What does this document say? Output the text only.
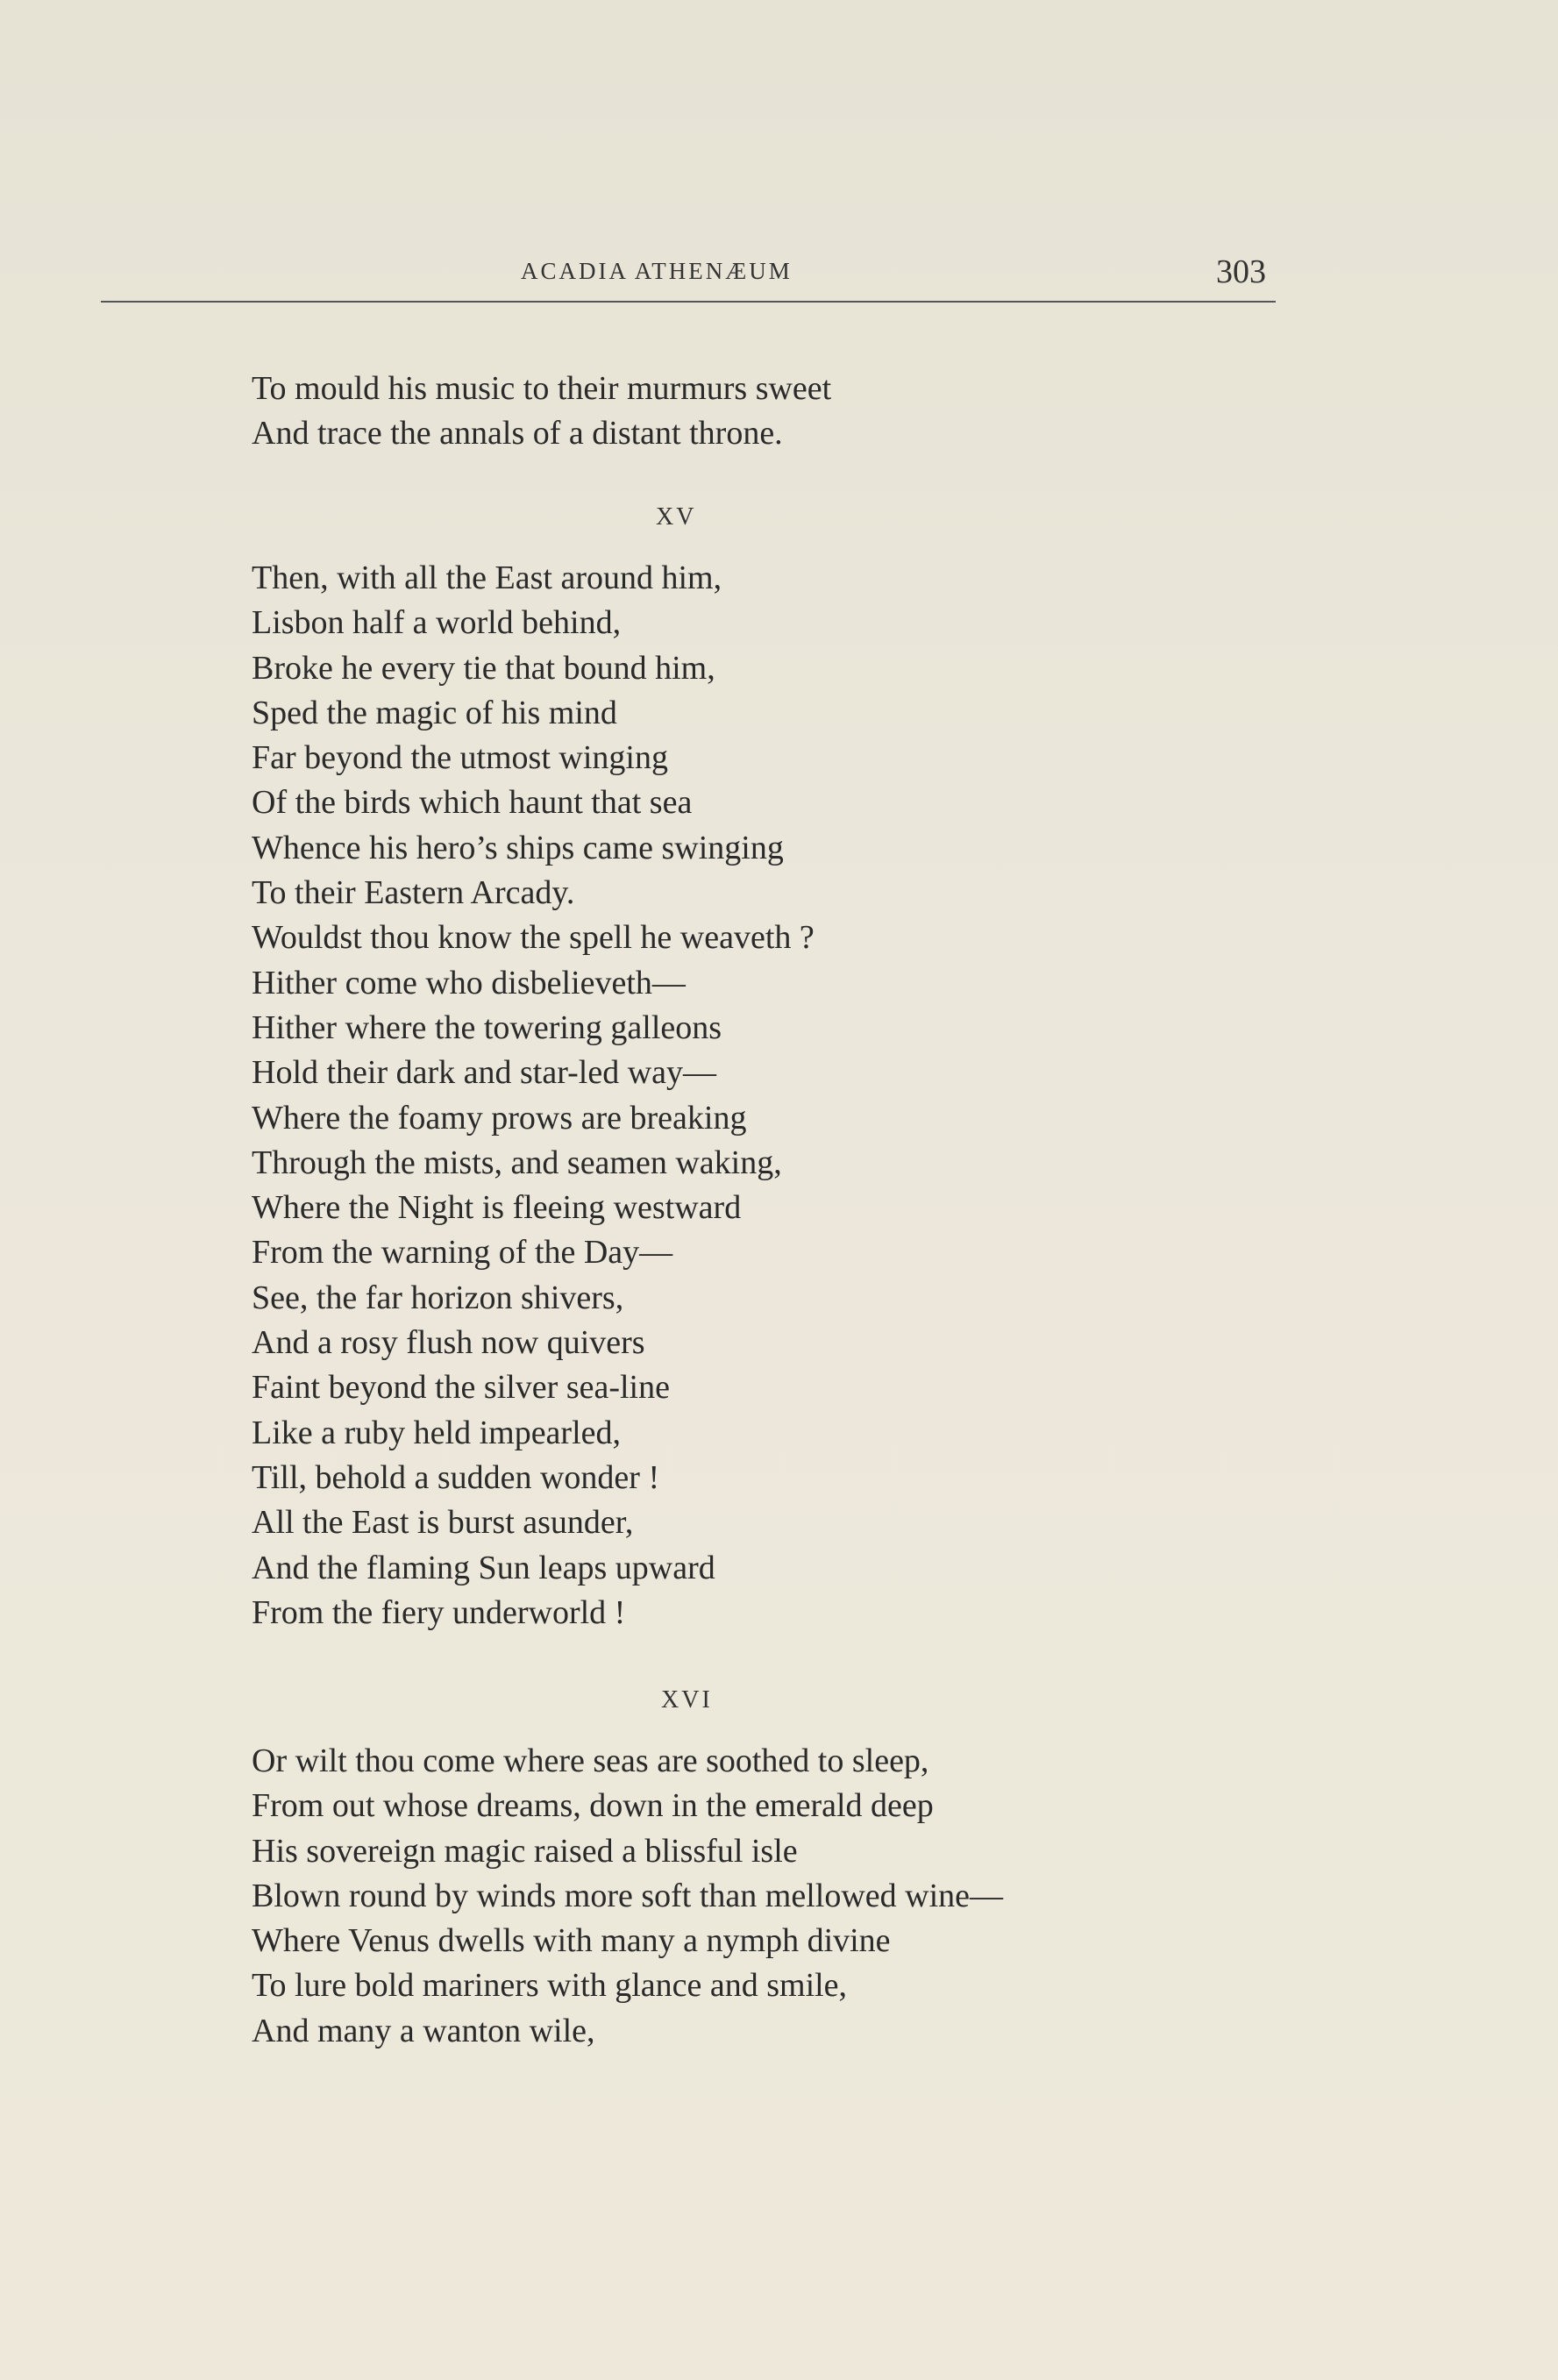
ACADIA ATHENÆUM	303
To mould his music to their murmurs sweet
And trace the annals of a distant throne.
XV
Then, with all the East around him,
Lisbon half a world behind,
Broke he every tie that bound him,
Sped the magic of his mind
Far beyond the utmost winging
Of the birds which haunt that sea
Whence his hero’s ships came swinging
To their Eastern Arcady.
Wouldst thou know the spell he weaveth ?
Hither come who disbelieveth—
Hither where the towering galleons
Hold their dark and star-led way—
Where the foamy prows are breaking
Through the mists, and seamen waking,
Where the Night is fleeing westward
From the warning of the Day—
See, the far horizon shivers,
And a rosy flush now quivers
Faint beyond the silver sea-line
Like a ruby held impearled,
Till, behold a sudden wonder !
All the East is burst asunder,
And the flaming Sun leaps upward
From the fiery underworld !
XVI
Or wilt thou come where seas are soothed to sleep,
From out whose dreams, down in the emerald deep
His sovereign magic raised a blissful isle
Blown round by winds more soft than mellowed wine—
Where Venus dwells with many a nymph divine
To lure bold mariners with glance and smile,
And many a wanton wile,
